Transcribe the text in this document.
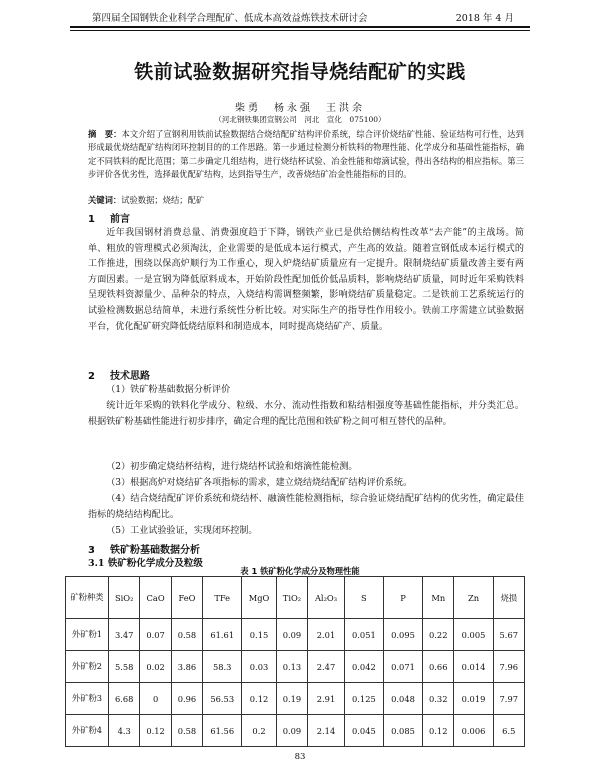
第四届全国钢铁企业科学合理配矿、低成本高效益炼铁技术研讨会	2018 年 4 月
铁前试验数据研究指导烧结配矿的实践
柴勇　杨永强　王洪余
（河北钢铁集团宣钢公司　河北　宣化　075100）

摘　要：本文介绍了宣钢利用铁前试验数据结合烧结配矿结构评价系统，综合评价烧结矿性能、验证结构可行性，达到形成最优烧结配矿结构闭环控制目的的工作思路。第一步通过检测分析铁料的物理性能、化学成分和基础性能指标，确定不同铁料的配比范围；第二步确定几组结构，进行烧结杯试验、冶金性能和熔滴试验，得出各结构的相应指标。第三步评价各优劣性，选择最优配矿结构，达到指导生产，改善烧结矿冶金性能指标的目的。

关键词：试验数据；烧结；配矿

1 前言

近年我国钢材消费总量、消费强度趋于下降，钢铁产业已是供给侧结构性改革“去产能”的主战场。简单、粗放的管理模式必须淘汰，企业需要的是低成本运行模式，产生高的效益。随着宣钢低成本运行模式的工作推进，围绕以保高炉顺行为工作重心，现入炉烧结矿质量应有一定提升。限制烧结矿质量改善主要有两方面因素。一是宣钢为降低原料成本，开始阶段性配加低价低品质料，影响烧结矿质量，同时近年采购铁料呈现铁料资源量少、品种杂的特点，入烧结构需调整频繁，影响烧结矿质量稳定。二是铁前工艺系统运行的试验检测数据总结简单，未进行系统性分析比较。对实际生产的指导性作用较小。铁前工序需建立试验数据平台，优化配矿研究降低烧结原料和制造成本，同时提高烧结矿产、质量。

2 技术思路

（1）铁矿粉基础数据分析评价

统计近年采购的铁料化学成分、粒级、水分、流动性指数和粘结相强度等基础性能指标，并分类汇总。根据铁矿粉基础性能进行初步排序，确定合理的配比范围和铁矿粉之间可相互替代的品种。

（2）初步确定烧结杯结构，进行烧结杯试验和熔滴性能检测。

（3）根据高炉对烧结矿各项指标的需求，建立烧结烧结配矿结构评价系统。

（4）结合烧结配矿评价系统和烧结杯、融滴性能检测指标，综合验证烧结配矿结构的优劣性，确定最佳指标的烧结结构配比。

（5）工业试验验证，实现闭环控制。

3 铁矿粉基础数据分析
3.1 铁矿粉化学成分及粒级
表 1 铁矿粉化学成分及物理性能
矿粉种类	SiO₂	CaO	FeO	TFe	MgO	TiO₂	Al₂O₃	S	P	Mn	Zn	烧损
外矿粉1	3.47	0.07	0.58	61.61	0.15	0.09	2.01	0.051	0.095	0.22	0.005	5.67
外矿粉2	5.58	0.02	3.86	58.3	0.03	0.13	2.47	0.042	0.071	0.66	0.014	7.96
外矿粉3	6.68	0	0.96	56.53	0.12	0.19	2.91	0.125	0.048	0.32	0.019	7.97
外矿粉4	4.3	0.12	0.58	61.56	0.2	0.09	2.14	0.045	0.085	0.12	0.006	6.5
83
